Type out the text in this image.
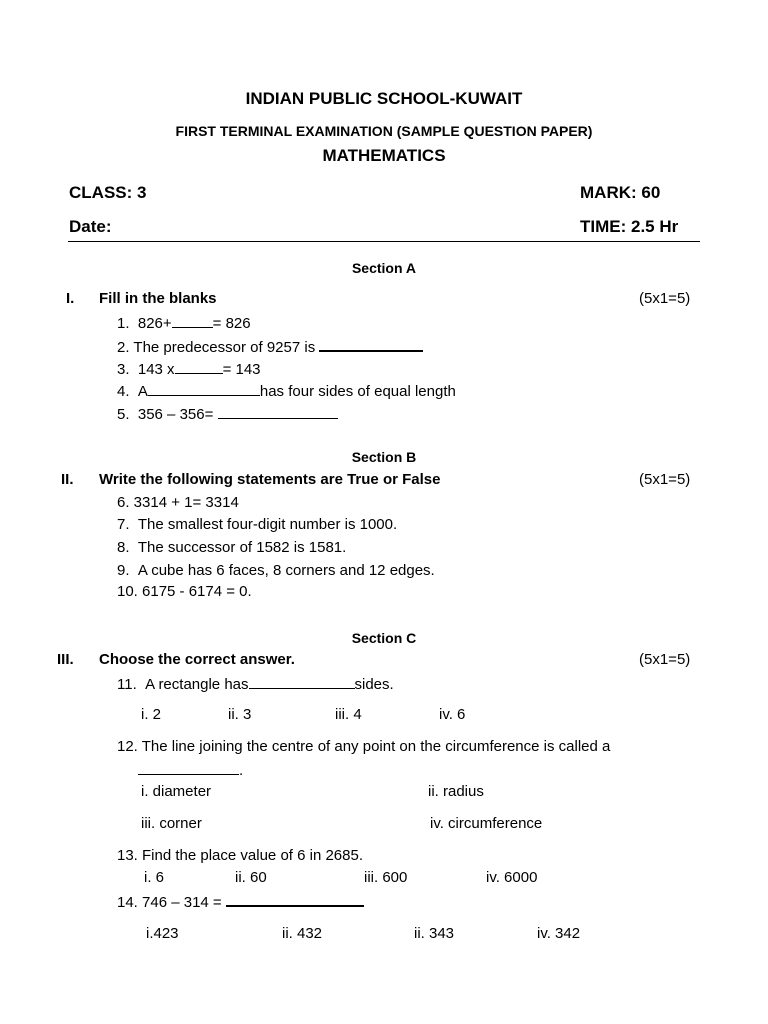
INDIAN PUBLIC SCHOOL-KUWAIT
FIRST TERMINAL EXAMINATION (SAMPLE QUESTION PAPER)
MATHEMATICS
CLASS: 3	MARK: 60
Date:	TIME: 2.5 Hr
Section A
I. Fill in the blanks	(5x1=5)
1. 826+	= 826
2. The predecessor of 9257 is
3. 143 x	= 143
4. A	has four sides of equal length
5. 356 – 356=
Section B
II. Write the following statements are True or False	(5x1=5)
6. 3314 + 1= 3314
7. The smallest four-digit number is 1000.
8. The successor of 1582 is 1581.
9. A cube has 6 faces, 8 corners and 12 edges.
10. 6175 - 6174 = 0.
Section C
III. Choose the correct answer.	(5x1=5)
11. A rectangle has	sides.
i. 2	ii. 3	iii. 4	iv. 6
12. The line joining the centre of any point on the circumference is called a
.
i. diameter	ii. radius
iii. corner	iv. circumference
13. Find the place value of 6 in 2685.
i. 6	ii. 60	iii. 600	iv. 6000
14. 746 – 314 =
i.423	ii. 432	ii. 343	iv. 342
